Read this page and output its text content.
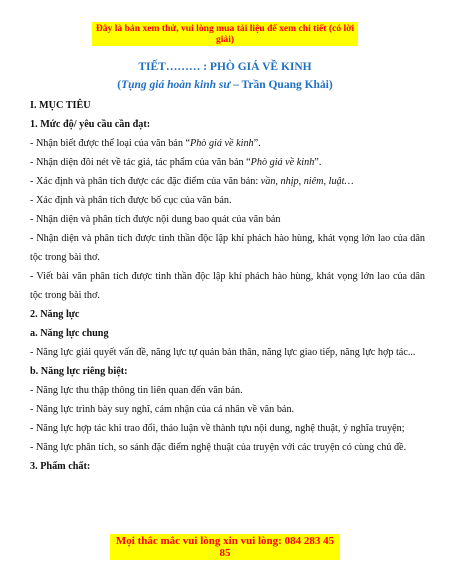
Đây là bản xem thử, vui lòng mua tài liệu để xem chi tiết (có lời giải)
TIẾT……… : PHÒ GIÁ VỀ KINH
(Tụng giá hoàn kinh sư – Trần Quang Khải)

I. MỤC TIÊU

1. Mức độ/ yêu cầu cần đạt:

- Nhận biết được thể loại của văn bản “Phò giá về kinh”.

- Nhận diện đôi nét về tác giả, tác phẩm của văn bản “Phò giá về kinh”.

- Xác định và phân tích được các đặc điểm của văn bản: vần, nhịp, niêm, luật…

- Xác định và phân tích được bố cục của văn bản.

- Nhận diện và phân tích được nội dung bao quát của văn bản

- Nhận diện và phân tích được tinh thần độc lập khí phách hào hùng, khát vọng lớn lao của dân tộc trong bài thơ.

- Viết bài văn phân tích được tinh thần độc lập khí phách hào hùng, khát vọng lớn lao của dân tộc trong bài thơ.

2. Năng lực

a. Năng lực chung

- Năng lực giải quyết vấn đề, năng lực tự quản bản thân, năng lực giao tiếp, năng lực hợp tác...

b. Năng lực riêng biệt:

- Năng lực thu thập thông tin liên quan đến văn bản.

- Năng lực trình bày suy nghĩ, cảm nhận của cá nhân về văn bản.

- Năng lực hợp tác khi trao đổi, thảo luận về thành tựu nội dung, nghệ thuật, ý nghĩa truyện;

- Năng lực phân tích, so sánh đặc điểm nghệ thuật của truyện với các truyện có cùng chủ đề.

3. Phẩm chất:

Mọi thắc mắc vui lòng xin vui lòng: 084 283 45 85
